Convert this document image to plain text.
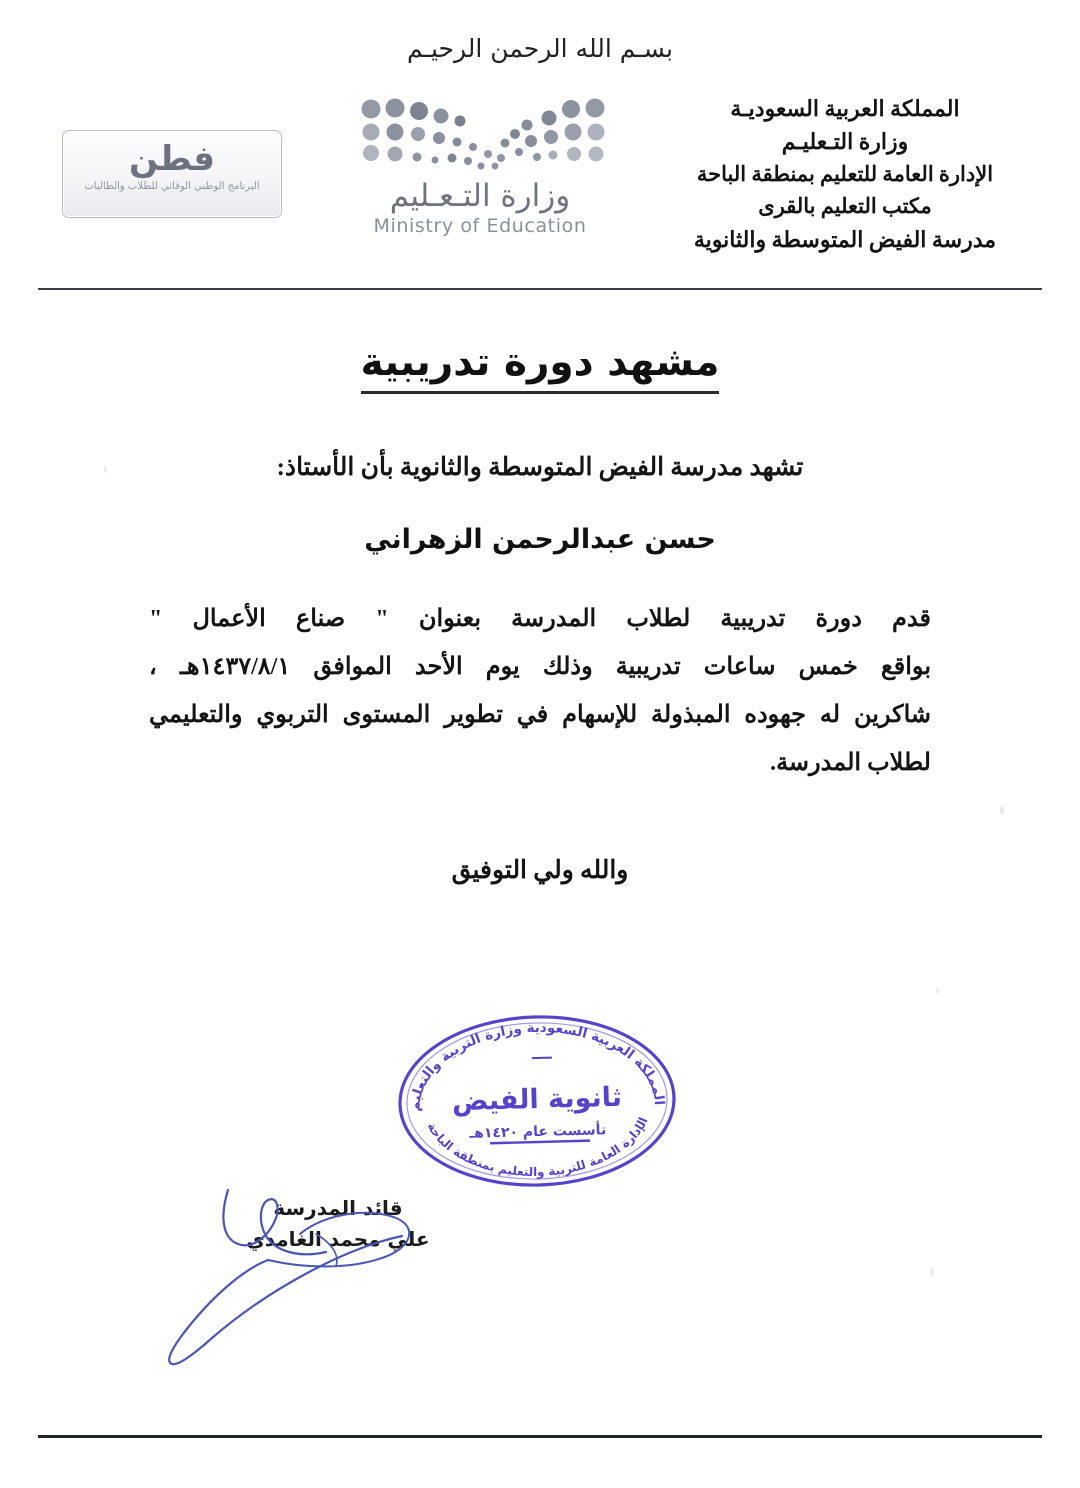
بسـم الله الرحمن الرحيـم
المملكة العربية السعوديـة
وزارة التـعليـم
الإدارة العامة للتعليم بمنطقة الباحة
مكتب التعليم بالقرى
مدرسة الفيض المتوسطة والثانوية
وزارة التـعـليم
Ministry of Education
فطن
البرنامج الوطني الوقائي للطلاب والطالبات
مشهد دورة تدريبية
تشهد مدرسة الفيض المتوسطة والثانوية بأن الأستاذ:
حسن عبدالرحمن الزهراني
قدم دورة تدريبية لطلاب المدرسة بعنوان " صناع الأعمال "
بواقع خمس ساعات تدريبية وذلك يوم الأحد الموافق ١٤٣٧/٨/١هـ ،
شاكرين له جهوده المبذولة للإسهام في تطوير المستوى التربوي والتعليمي
لطلاب المدرسة.
والله ولي التوفيق
المملكة العربية السعودية وزارة التربية والتعليم
الإدارة العامة للتربية والتعليم بمنطقة الباحة
ثانوية الفيض
تأسست عام ١٤٢٠هـ
قائد المدرسة
علي محمد الغامدي
